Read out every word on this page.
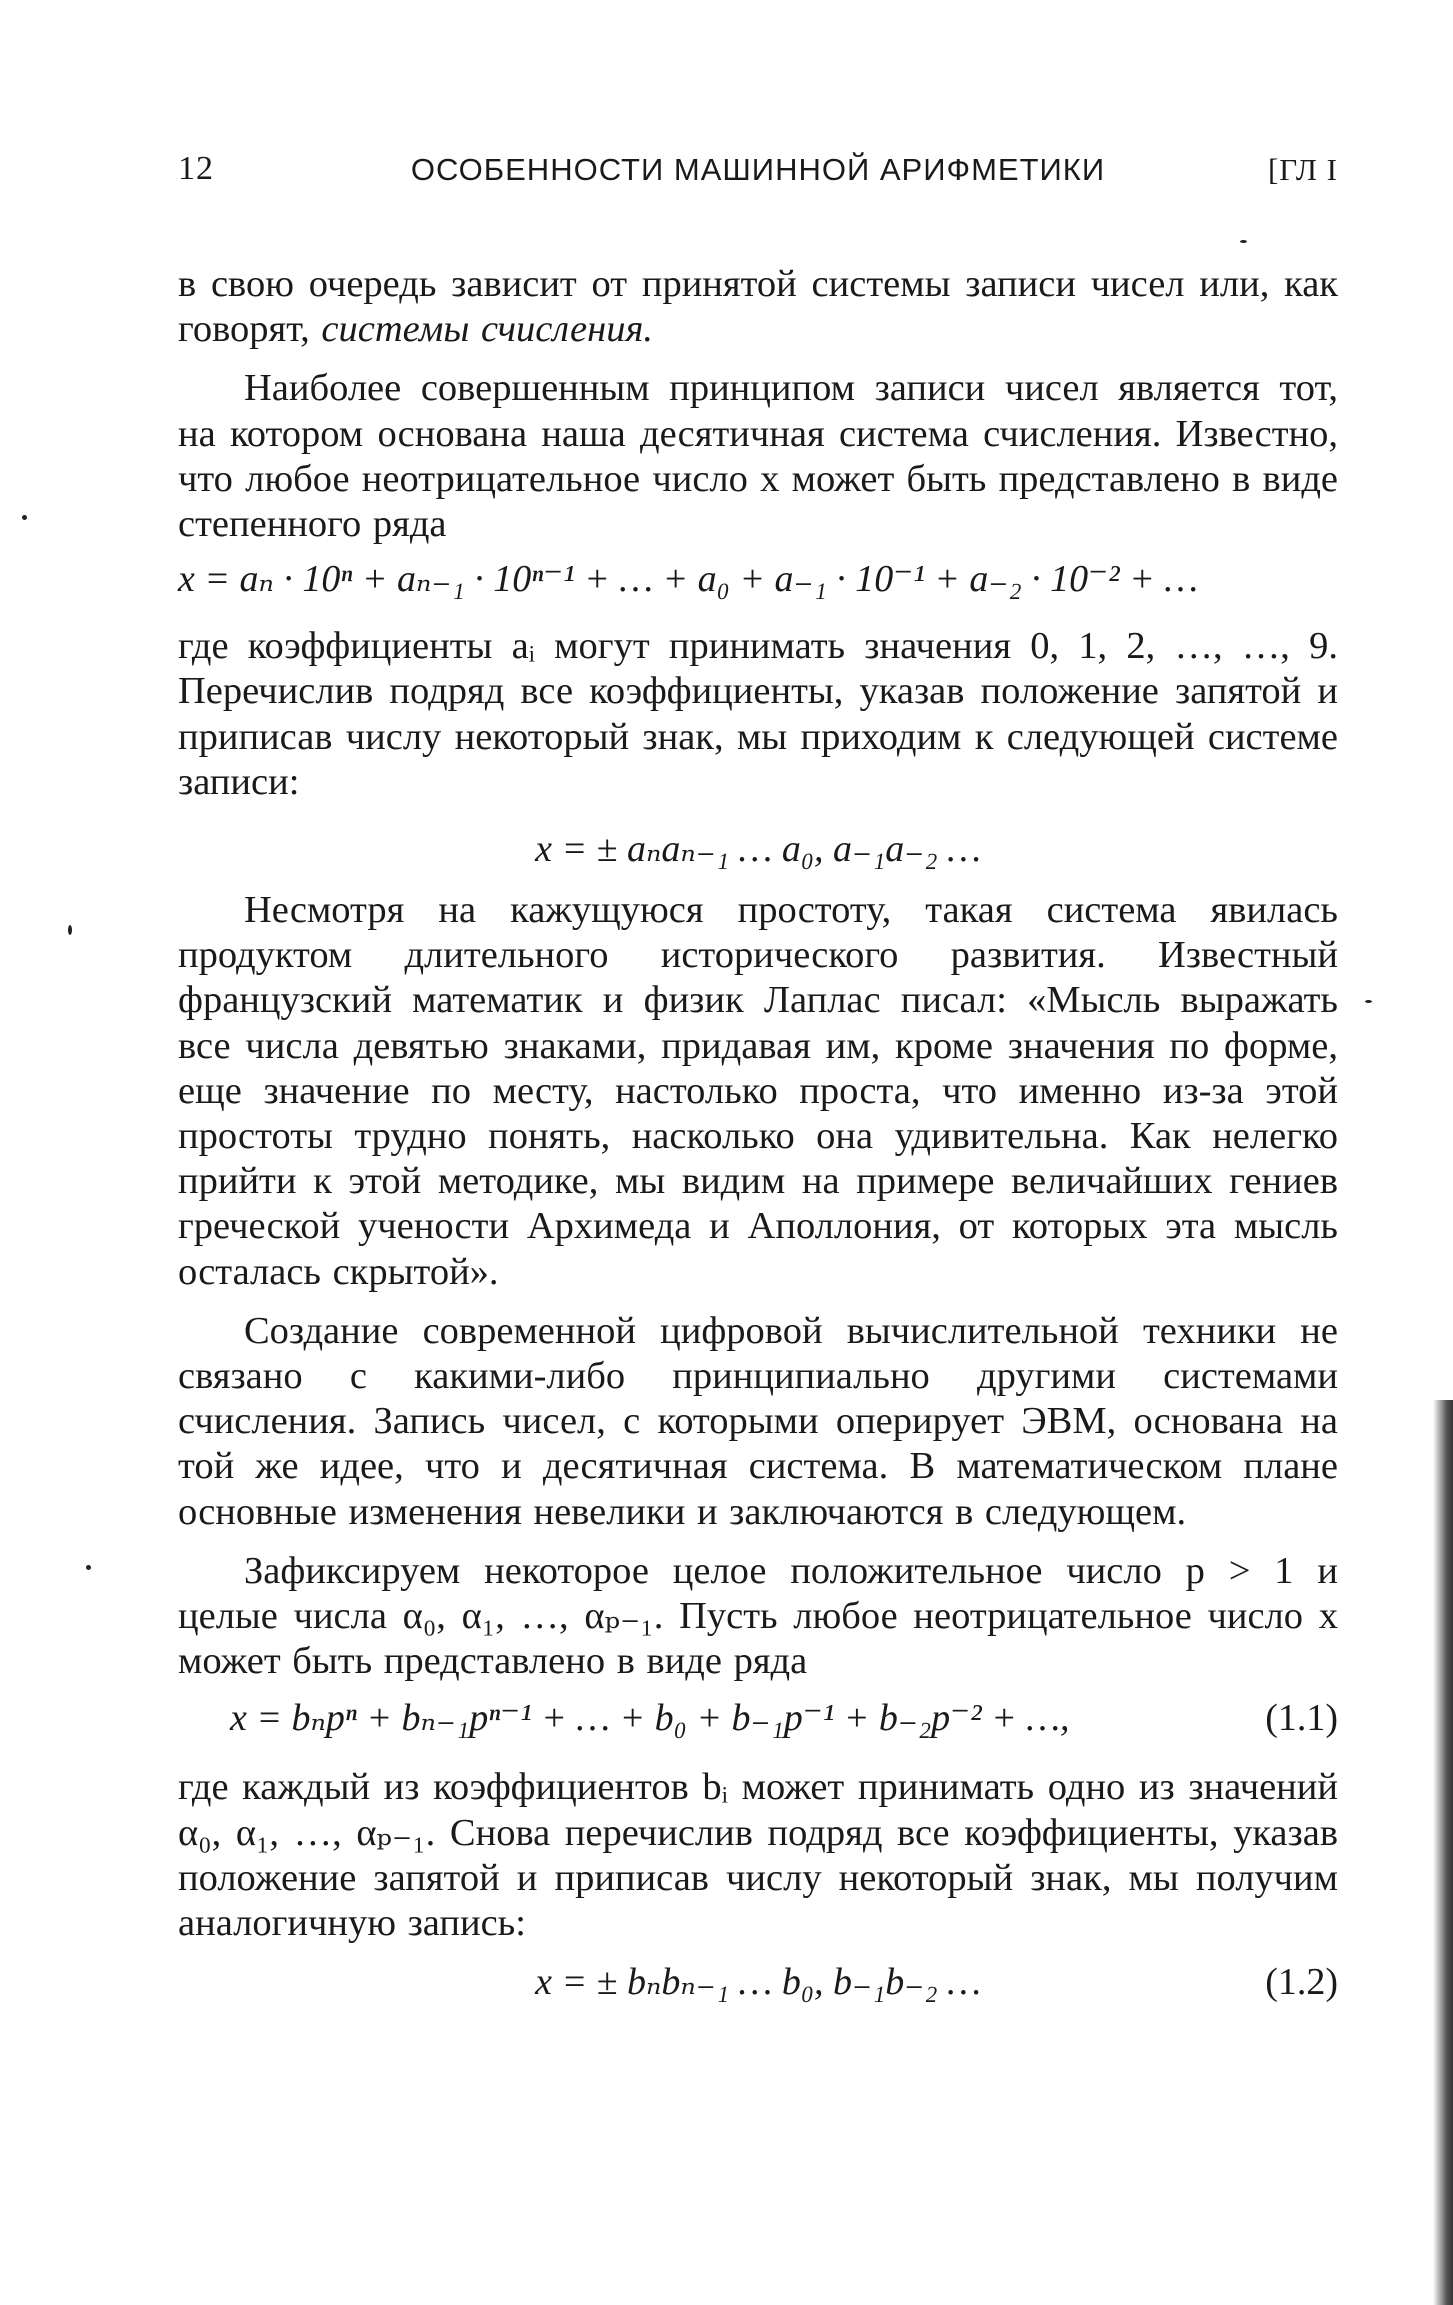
12	ОСОБЕННОСТИ МАШИННОЙ АРИФМЕТИКИ	[ГЛ I

в свою очередь зависит от принятой системы записи чисел или, как говорят, системы счисления.

Наиболее совершенным принципом записи чисел является тот, на котором основана наша десятичная система счисления. Известно, что любое неотрицательное число x может быть представлено в виде степенного ряда

x = aₙ · 10ⁿ + aₙ₋₁ · 10ⁿ⁻¹ + … + a₀ + a₋₁ · 10⁻¹ + a₋₂ · 10⁻² + …

где коэффициенты aᵢ могут принимать значения 0, 1, 2, …, …, 9. Перечислив подряд все коэффициенты, указав положение запятой и приписав числу некоторый знак, мы приходим к следующей системе записи:

x = ± aₙaₙ₋₁ … a₀, a₋₁a₋₂ …

Несмотря на кажущуюся простоту, такая система явилась продуктом длительного исторического развития. Известный французский математик и физик Лаплас писал: «Мысль выражать все числа девятью знаками, придавая им, кроме значения по форме, еще значение по месту, настолько проста, что именно из-за этой простоты трудно понять, насколько она удивительна. Как нелегко прийти к этой методике, мы видим на примере величайших гениев греческой учености Архимеда и Аполлония, от которых эта мысль осталась скрытой».

Создание современной цифровой вычислительной техники не связано с какими-либо принципиально другими системами счисления. Запись чисел, с которыми оперирует ЭВМ, основана на той же идее, что и десятичная система. В математическом плане основные изменения невелики и заключаются в следующем.

Зафиксируем некоторое целое положительное число p > 1 и целые числа α₀, α₁, …, αₚ₋₁. Пусть любое неотрицательное число x может быть представлено в виде ряда

x = bₙpⁿ + bₙ₋₁pⁿ⁻¹ + … + b₀ + b₋₁p⁻¹ + b₋₂p⁻² + …,	(1.1)

где каждый из коэффициентов bᵢ может принимать одно из значений α₀, α₁, …, αₚ₋₁. Снова перечислив подряд все коэффициенты, указав положение запятой и приписав числу некоторый знак, мы получим аналогичную запись:

x = ± bₙbₙ₋₁ … b₀, b₋₁b₋₂ …	(1.2)
